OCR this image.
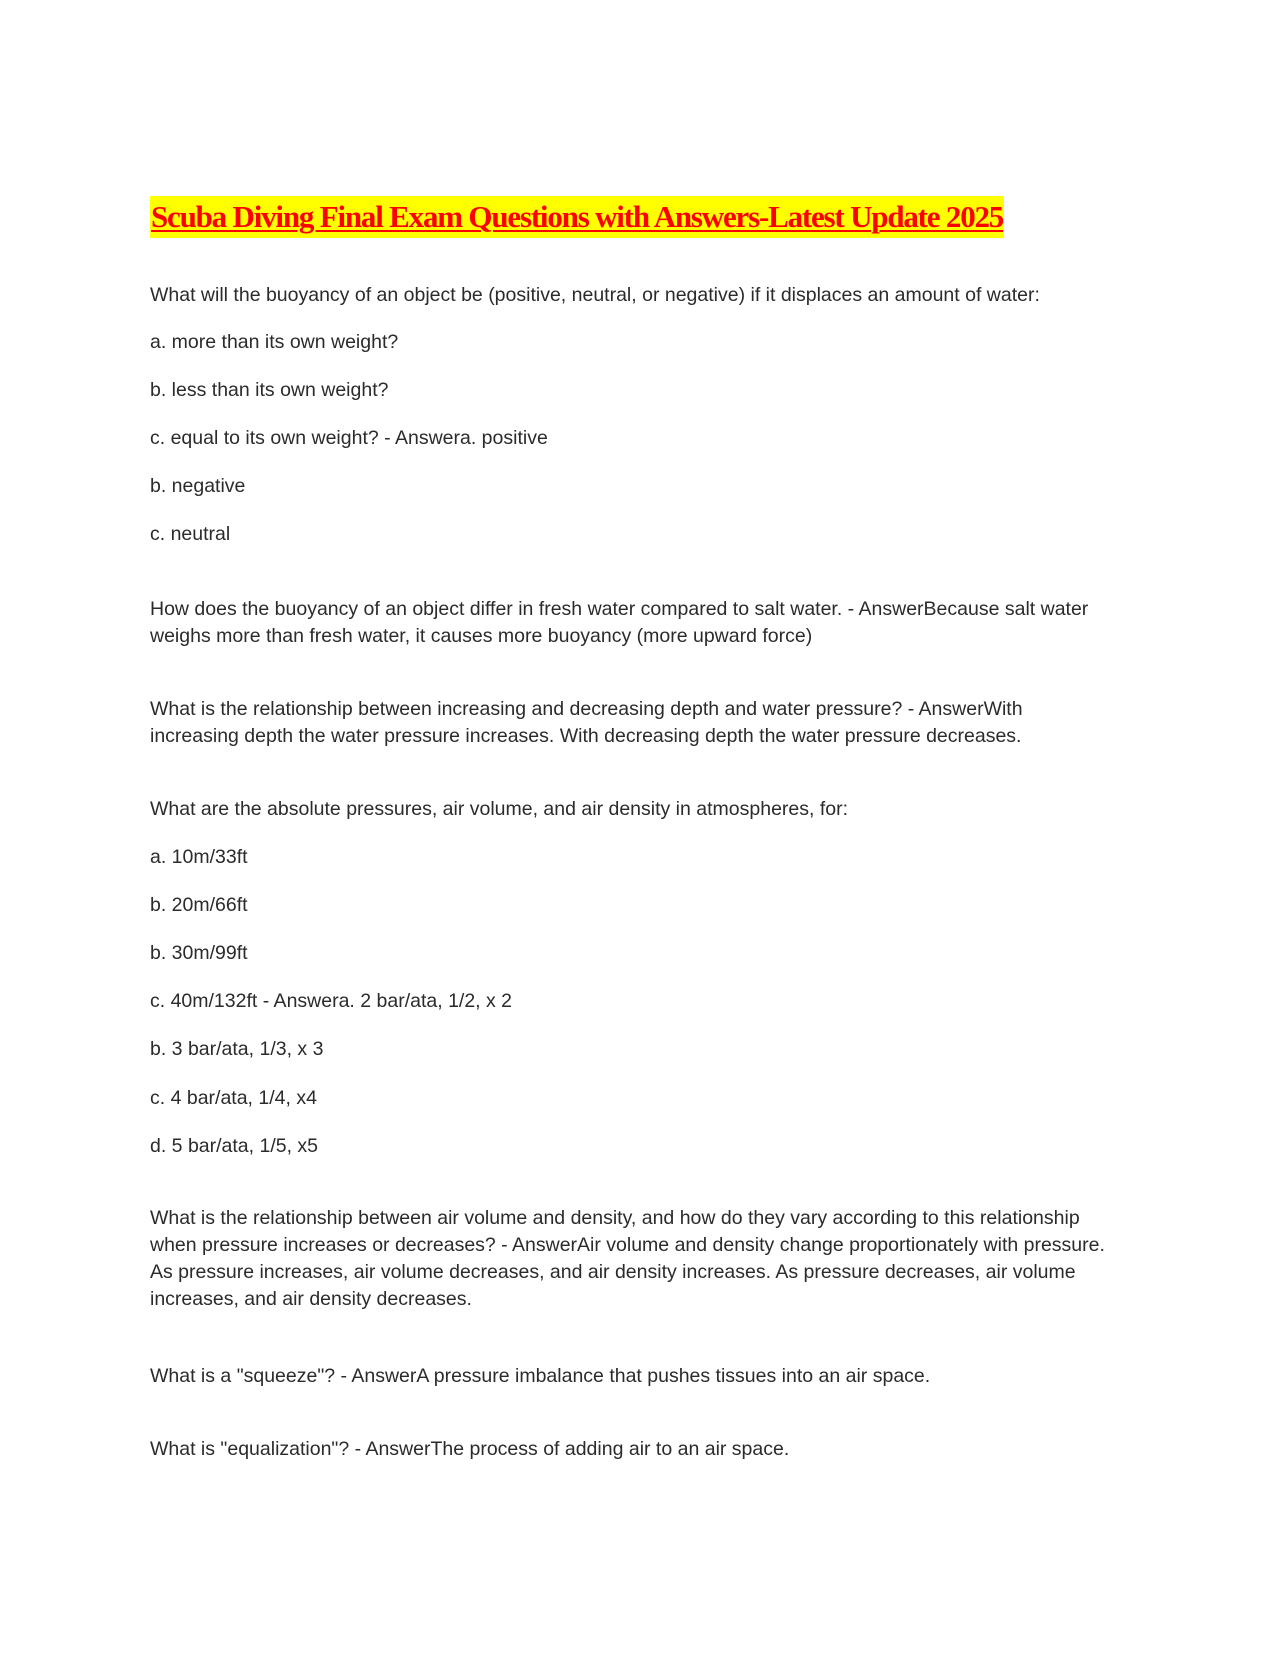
Scuba Diving Final Exam Questions with Answers-Latest Update 2025
What will the buoyancy of an object be (positive, neutral, or negative) if it displaces an amount of water:
a. more than its own weight?
b. less than its own weight?
c. equal to its own weight? - Answera. positive
b. negative
c. neutral

How does the buoyancy of an object differ in fresh water compared to salt water. - AnswerBecause salt water weighs more than fresh water, it causes more buoyancy (more upward force)

What is the relationship between increasing and decreasing depth and water pressure? - AnswerWith increasing depth the water pressure increases. With decreasing depth the water pressure decreases.

What are the absolute pressures, air volume, and air density in atmospheres, for:
a. 10m/33ft
b. 20m/66ft
b. 30m/99ft
c. 40m/132ft - Answera. 2 bar/ata, 1/2, x 2
b. 3 bar/ata, 1/3, x 3
c. 4 bar/ata, 1/4, x4
d. 5 bar/ata, 1/5, x5

What is the relationship between air volume and density, and how do they vary according to this relationship when pressure increases or decreases? - AnswerAir volume and density change proportionately with pressure. As pressure increases, air volume decreases, and air density increases. As pressure decreases, air volume increases, and air density decreases.

What is a "squeeze"? - AnswerA pressure imbalance that pushes tissues into an air space.

What is "equalization"? - AnswerThe process of adding air to an air space.
